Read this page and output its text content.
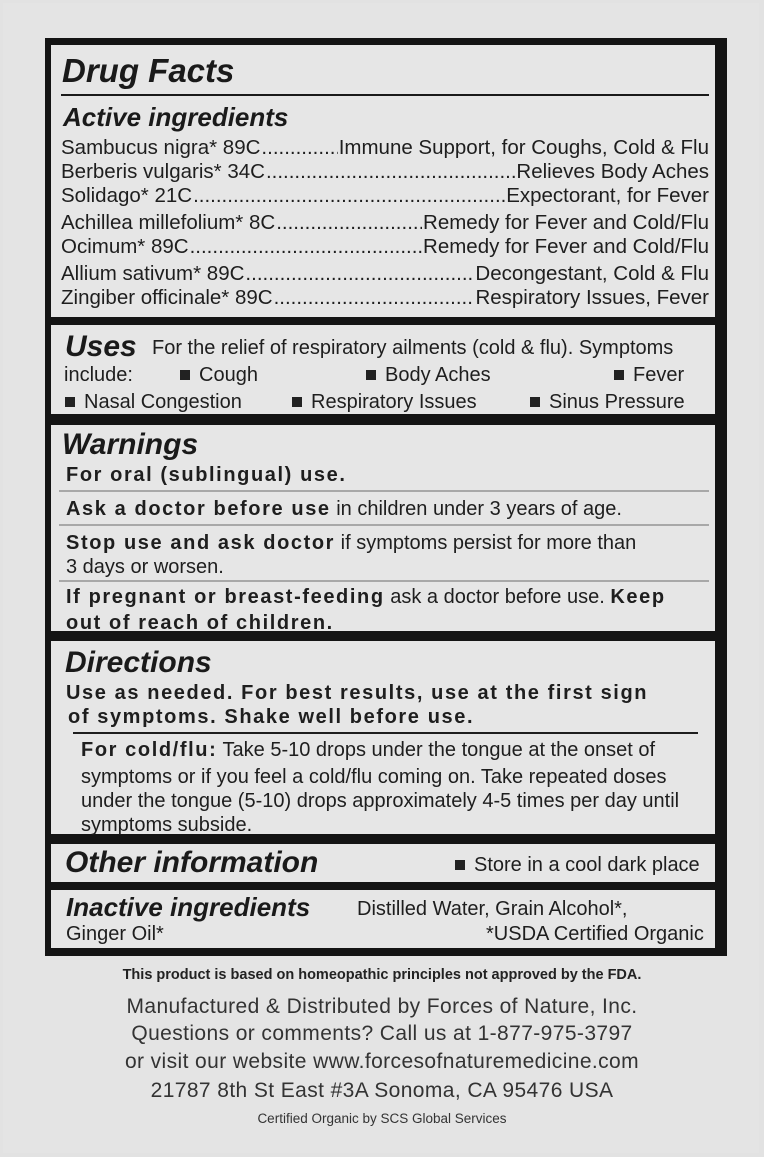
Drug Facts
Active ingredients
Sambucus nigra* 89C .....	Immune Support, for Coughs, Cold & Flu
Berberis vulgaris* 34C .....	Relieves Body Aches
Solidago* 21C .....	Expectorant, for Fever
Achillea millefolium* 8C .....	Remedy for Fever and Cold/Flu
Ocimum* 89C .....	Remedy for Fever and Cold/Flu
Allium sativum* 89C .....	Decongestant, Cold & Flu
Zingiber officinale* 89C .....	Respiratory Issues, Fever
Uses For the relief of respiratory ailments (cold & flu). Symptoms
include:	Cough	Body Aches	Fever
Nasal Congestion	Respiratory Issues	Sinus Pressure
Warnings
For oral (sublingual) use.
Ask a doctor before use in children under 3 years of age.
Stop use and ask doctor if symptoms persist for more than
3 days or worsen.
If pregnant or breast-feeding ask a doctor before use. Keep
out of reach of children.
Directions
Use as needed. For best results, use at the first sign
of symptoms. Shake well before use.
For cold/flu: Take 5-10 drops under the tongue at the onset of
symptoms or if you feel a cold/flu coming on. Take repeated doses
under the tongue (5-10) drops approximately 4-5 times per day until
symptoms subside.
Other information	Store in a cool dark place
Inactive ingredients Distilled Water, Grain Alcohol*,
Ginger Oil*	*USDA Certified Organic
This product is based on homeopathic principles not approved by the FDA.
Manufactured & Distributed by Forces of Nature, Inc.
Questions or comments? Call us at 1-877-975-3797
or visit our website www.forcesofnaturemedicine.com
21787 8th St East #3A Sonoma, CA 95476 USA
Certified Organic by SCS Global Services
